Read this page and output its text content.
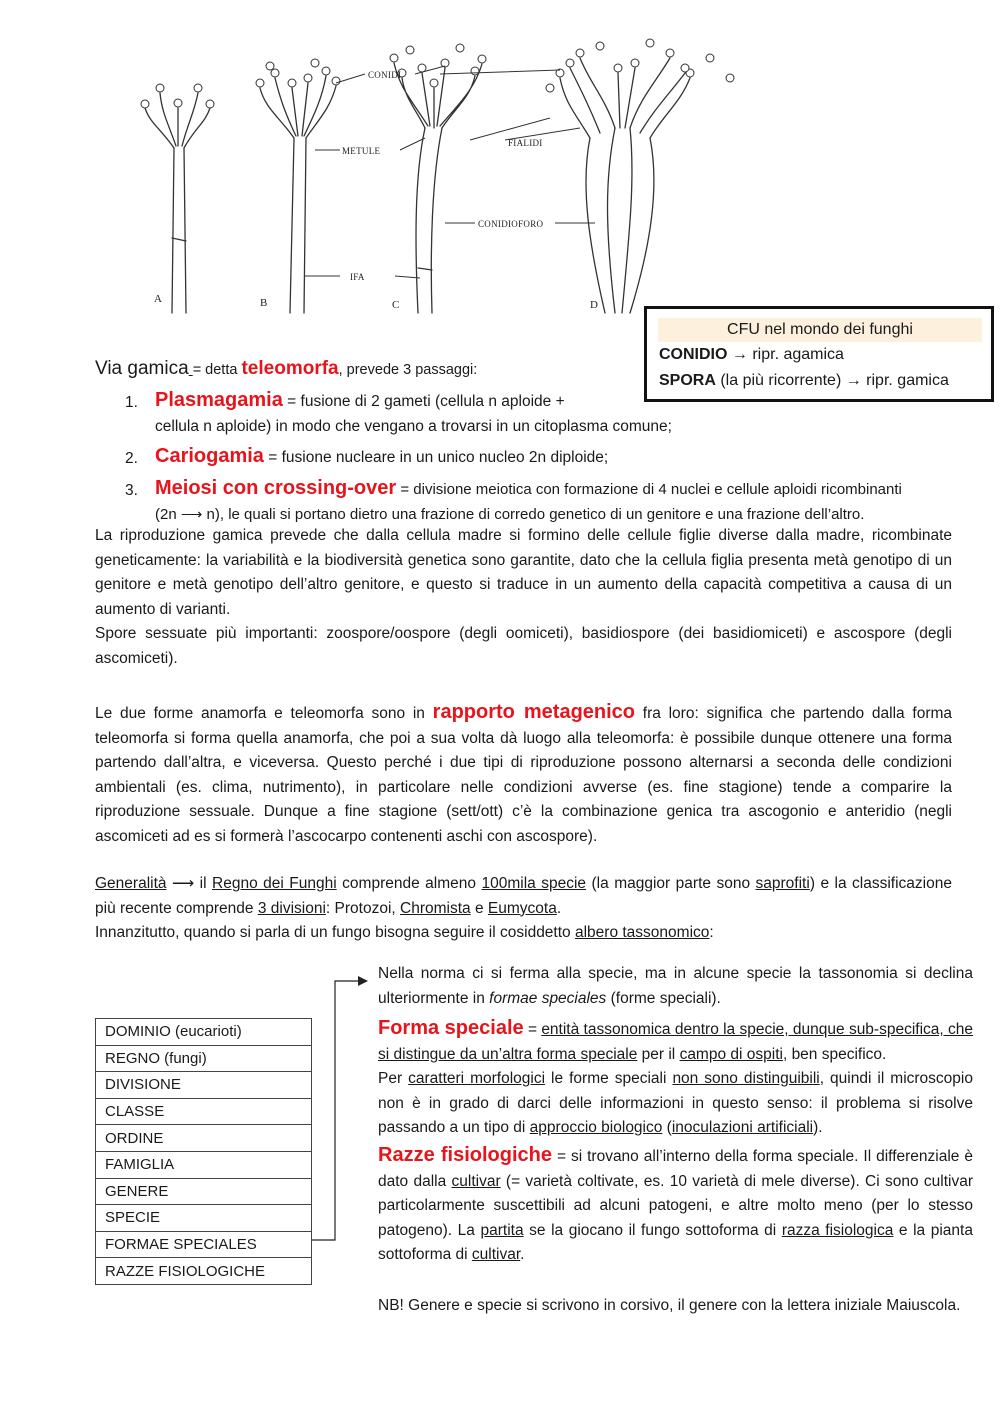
CONIDI
METULE
FIALIDI
CONIDIOFORO
IFA
A	B	C	D
CFU nel mondo dei funghi
CONIDIO → ripr. agamica
SPORA (la più ricorrente) → ripr. gamica
Via gamica = detta teleomorfa, prevede 3 passaggi:
1. Plasmagamia = fusione di 2 gameti (cellula n aploide +
cellula n aploide) in modo che vengano a trovarsi in un citoplasma comune;
2. Cariogamia = fusione nucleare in un unico nucleo 2n diploide;
3. Meiosi con crossing-over = divisione meiotica con formazione di 4 nuclei e cellule aploidi ricombinanti
(2n ⟶ n), le quali si portano dietro una frazione di corredo genetico di un genitore e una frazione dell’altro.
La riproduzione gamica prevede che dalla cellula madre si formino delle cellule figlie diverse dalla madre, ricombinate geneticamente: la variabilità e la biodiversità genetica sono garantite, dato che la cellula figlia presenta metà genotipo di un genitore e metà genotipo dell’altro genitore, e questo si traduce in un aumento della capacità competitiva a causa di un aumento di varianti.
Spore sessuate più importanti: zoospore/oospore (degli oomiceti), basidiospore (dei basidiomiceti) e ascospore (degli ascomiceti).
Le due forme anamorfa e teleomorfa sono in rapporto metagenico fra loro: significa che partendo dalla forma teleomorfa si forma quella anamorfa, che poi a sua volta dà luogo alla teleomorfa: è possibile dunque ottenere una forma partendo dall’altra, e viceversa. Questo perché i due tipi di riproduzione possono alternarsi a seconda delle condizioni ambientali (es. clima, nutrimento), in particolare nelle condizioni avverse (es. fine stagione) tende a comparire la riproduzione sessuale. Dunque a fine stagione (sett/ott) c’è la combinazione genica tra ascogonio e anteridio (negli ascomiceti ad es si formerà l’ascocarpo contenenti aschi con ascospore).
Generalità ⟶ il Regno dei Funghi comprende almeno 100mila specie (la maggior parte sono saprofiti) e la classificazione più recente comprende 3 divisioni: Protozoi, Chromista e Eumycota.
Innanzitutto, quando si parla di un fungo bisogna seguire il cosiddetto albero tassonomico:
DOMINIO (eucarioti)
REGNO (fungi)
DIVISIONE
CLASSE
ORDINE
FAMIGLIA
GENERE
SPECIE
FORMAE SPECIALES
RAZZE FISIOLOGICHE
Nella norma ci si ferma alla specie, ma in alcune specie la tassonomia si declina ulteriormente in formae speciales (forme speciali).
Forma speciale = entità tassonomica dentro la specie, dunque sub-specifica, che si distingue da un’altra forma speciale per il campo di ospiti, ben specifico.
Per caratteri morfologici le forme speciali non sono distinguibili, quindi il microscopio non è in grado di darci delle informazioni in questo senso: il problema si risolve passando a un tipo di approccio biologico (inoculazioni artificiali).
Razze fisiologiche = si trovano all’interno della forma speciale. Il differenziale è dato dalla cultivar (= varietà coltivate, es. 10 varietà di mele diverse). Ci sono cultivar particolarmente suscettibili ad alcuni patogeni, e altre molto meno (per lo stesso patogeno). La partita se la giocano il fungo sottoforma di razza fisiologica e la pianta sottoforma di cultivar.
NB! Genere e specie si scrivono in corsivo, il genere con la lettera iniziale Maiuscola.
